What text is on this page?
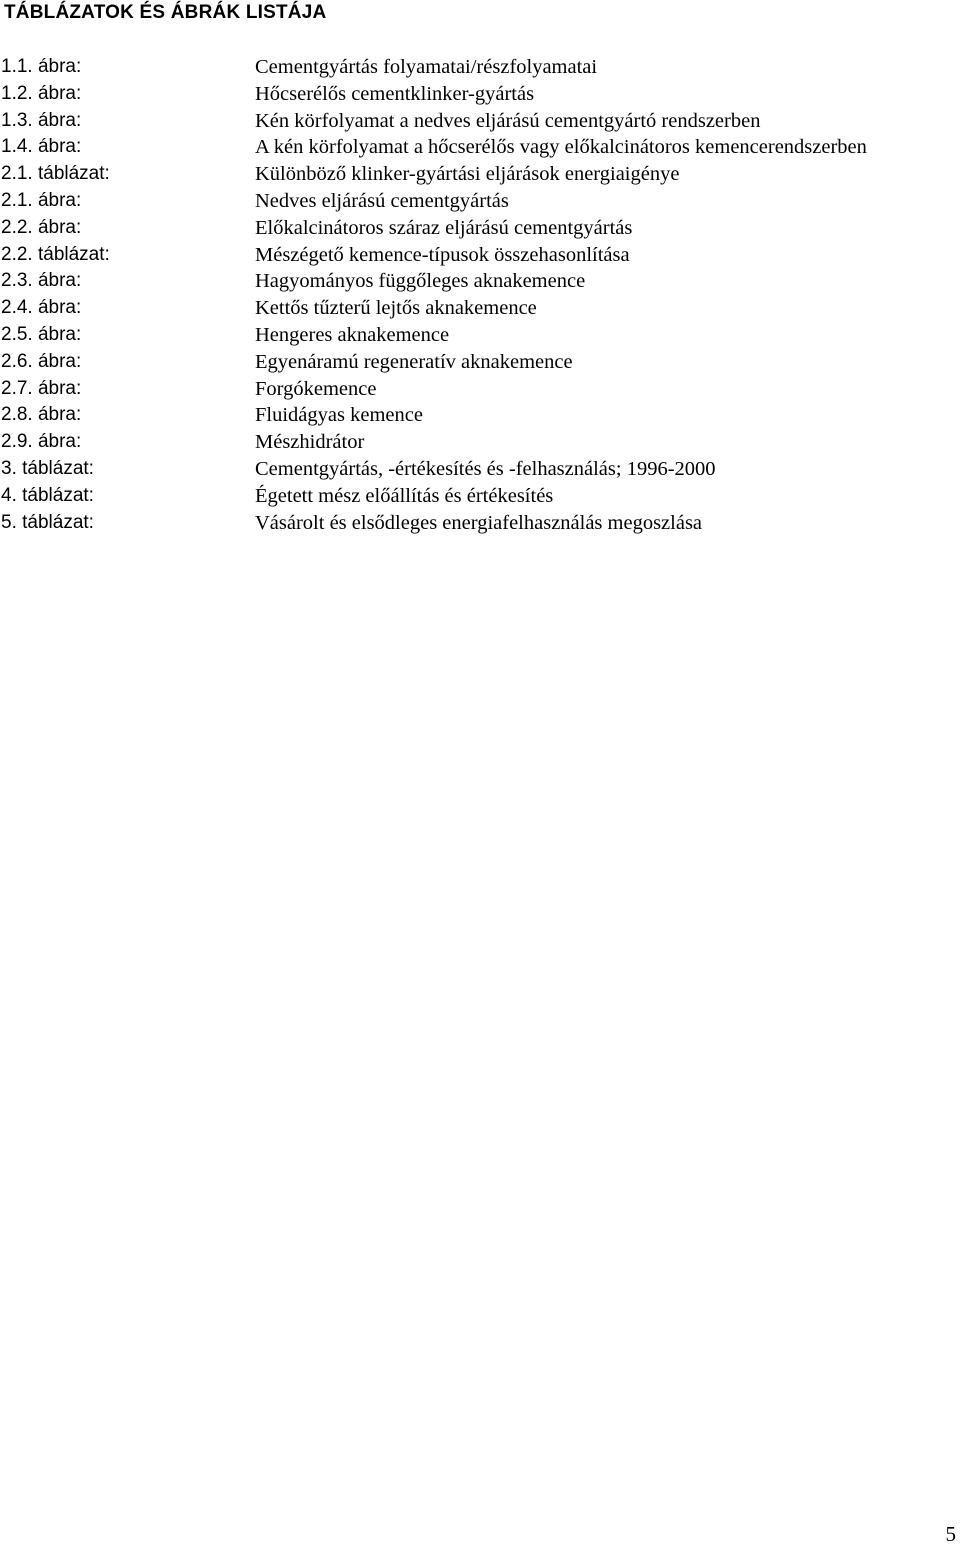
TÁBLÁZATOK ÉS ÁBRÁK LISTÁJA
1.1. ábra:	Cementgyártás folyamatai/részfolyamatai
1.2. ábra:	Hőcserélős cementklinker-gyártás
1.3. ábra:	Kén körfolyamat a nedves eljárású cementgyártó rendszerben
1.4. ábra:	A kén körfolyamat a hőcserélős vagy előkalcinátoros kemencerendszerben
2.1. táblázat:	Különböző klinker-gyártási eljárások energiaigénye
2.1. ábra:	Nedves eljárású cementgyártás
2.2. ábra:	Előkalcinátoros száraz eljárású cementgyártás
2.2. táblázat:	Mészégető kemence-típusok összehasonlítása
2.3. ábra:	Hagyományos függőleges aknakemence
2.4. ábra:	Kettős tűzterű lejtős aknakemence
2.5. ábra:	Hengeres aknakemence
2.6. ábra:	Egyenáramú regeneratív aknakemence
2.7. ábra:	Forgókemence
2.8. ábra:	Fluidágyas kemence
2.9. ábra:	Mészhidrátor
3. táblázat:	Cementgyártás, -értékesítés és -felhasználás; 1996-2000
4. táblázat:	Égetett mész előállítás és értékesítés
5. táblázat:	Vásárolt és elsődleges energiafelhasználás megoszlása
5
